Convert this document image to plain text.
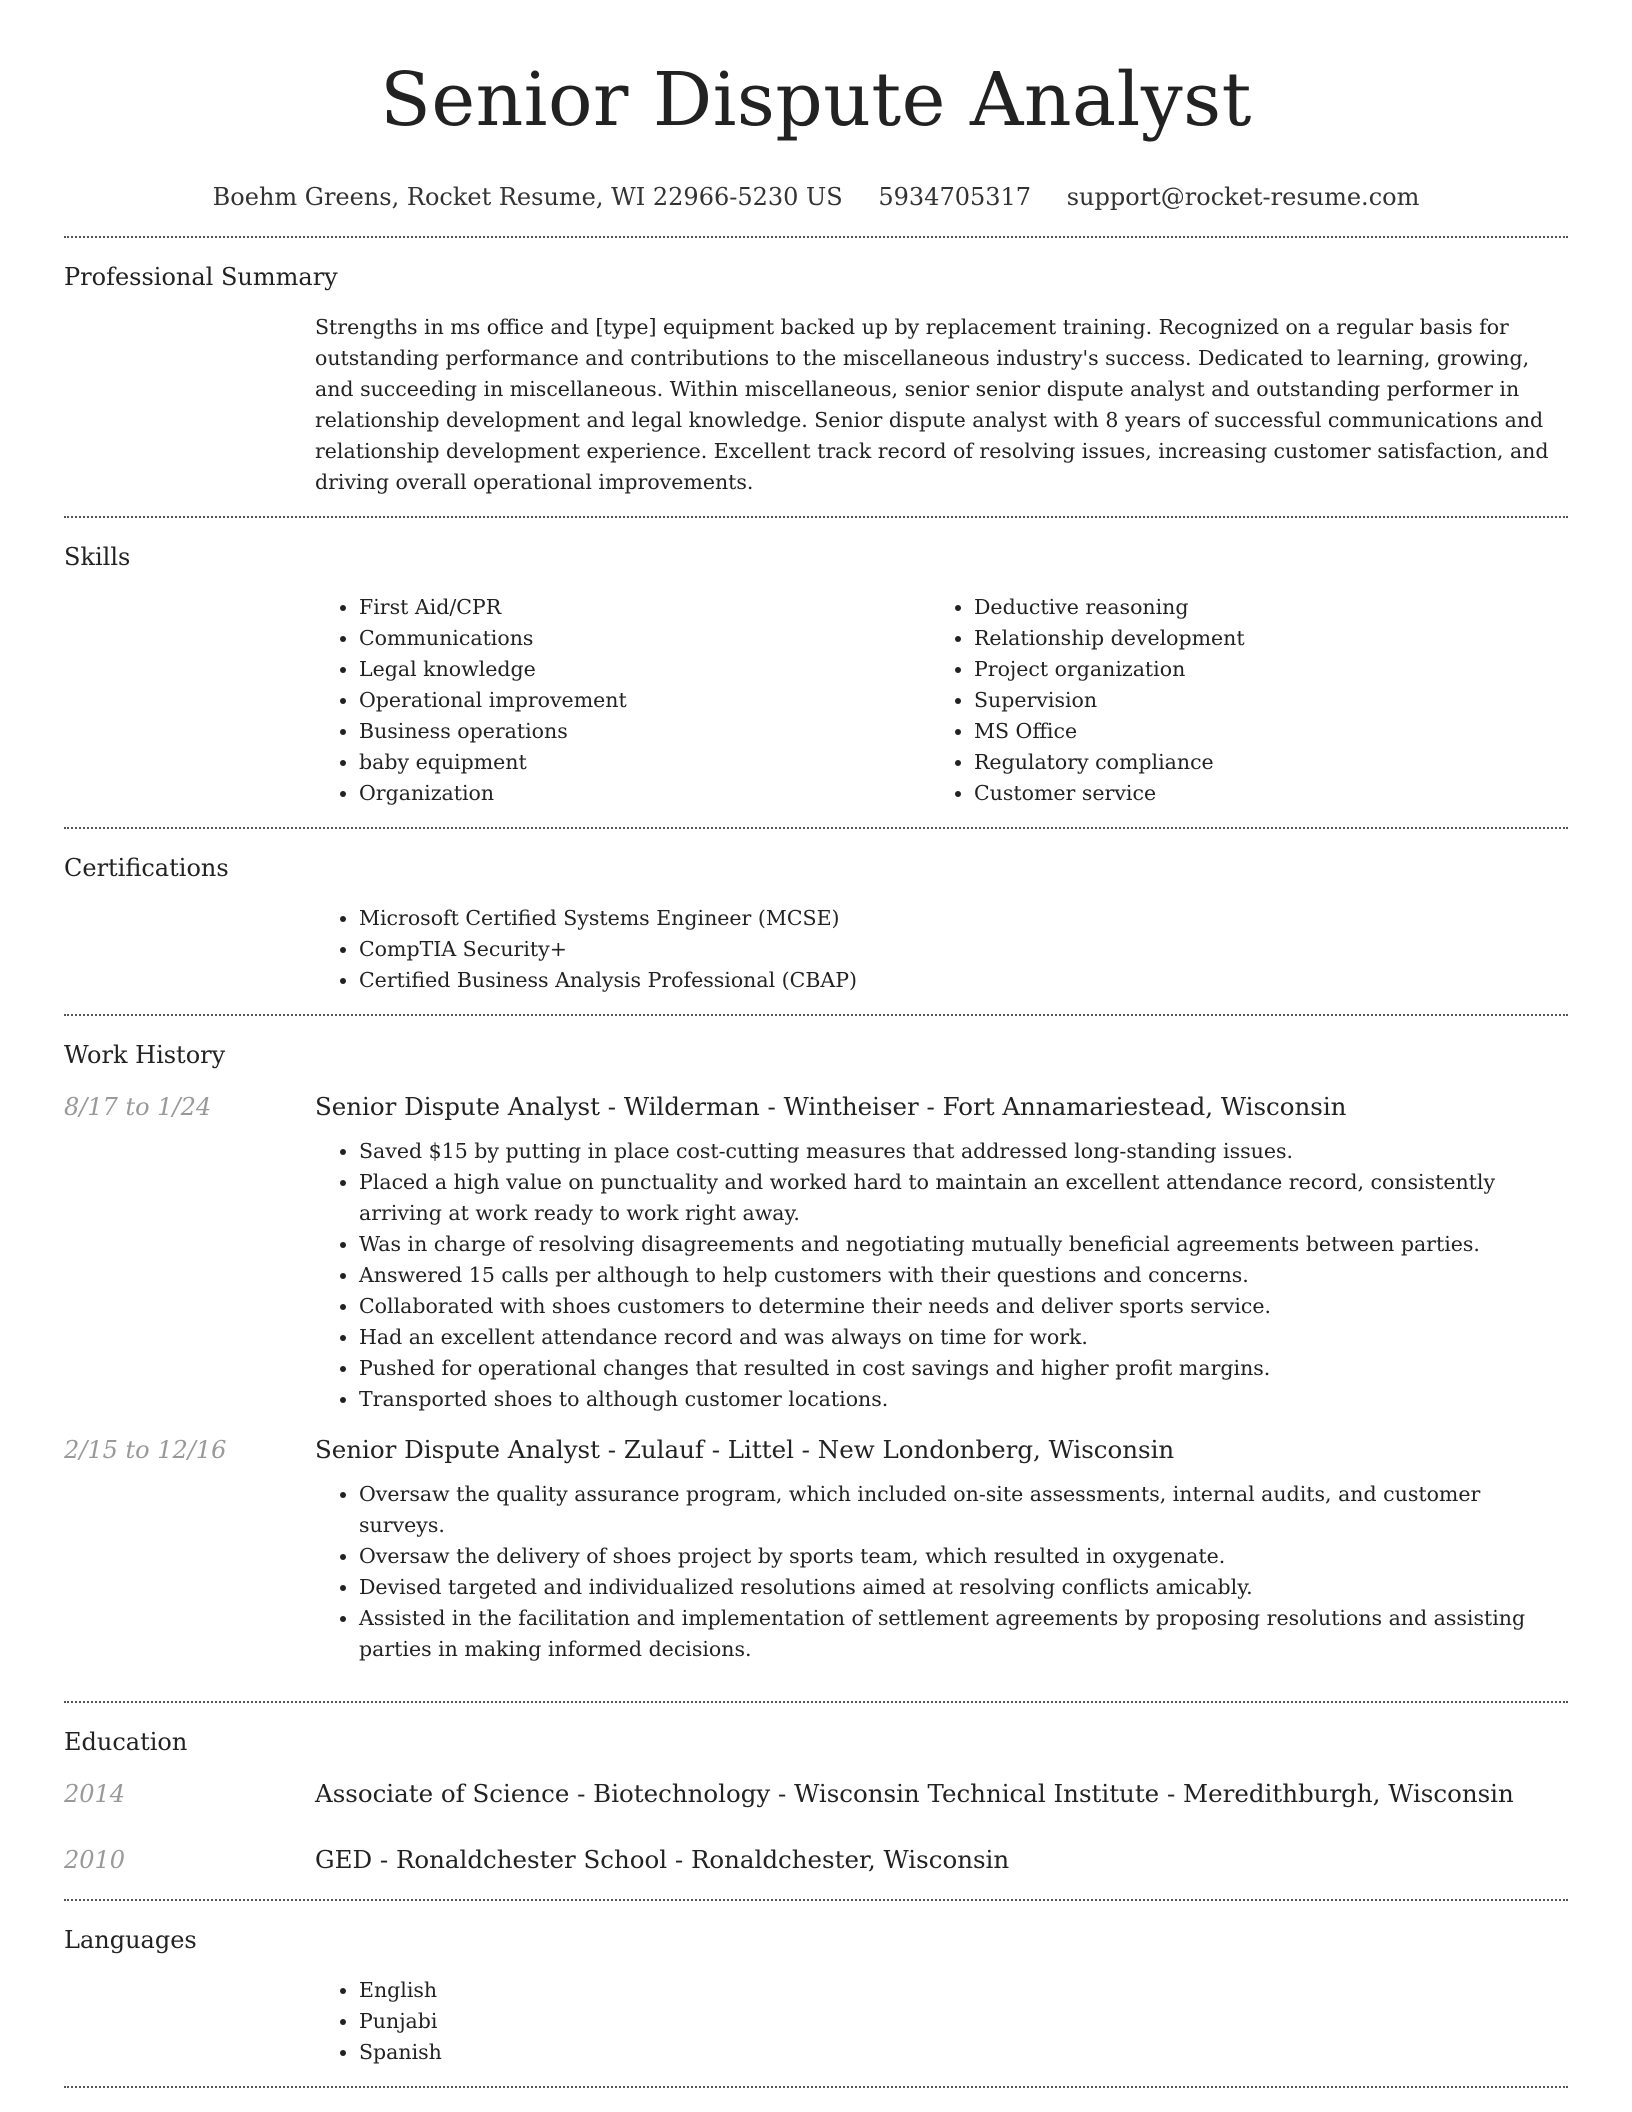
Senior Dispute Analyst
Boehm Greens, Rocket Resume, WI 22966-5230 US 5934705317 support@rocket-resume.com
Professional Summary

Strengths in ms office and [type] equipment backed up by replacement training. Recognized on a regular basis for outstanding performance and contributions to the miscellaneous industry's success. Dedicated to learning, growing, and succeeding in miscellaneous. Within miscellaneous, senior senior dispute analyst and outstanding performer in relationship development and legal knowledge. Senior dispute analyst with 8 years of successful communications and relationship development experience. Excellent track record of resolving issues, increasing customer satisfaction, and driving overall operational improvements.

Skills
• First Aid/CPR
• Communications
• Legal knowledge
• Operational improvement
• Business operations
• baby equipment
• Organization
• Deductive reasoning
• Relationship development
• Project organization
• Supervision
• MS Office
• Regulatory compliance
• Customer service
Certifications
• Microsoft Certified Systems Engineer (MCSE)
• CompTIA Security+
• Certified Business Analysis Professional (CBAP)
Work History
8/17 to 1/24	Senior Dispute Analyst - Wilderman - Wintheiser - Fort Annamariestead, Wisconsin
• Saved $15 by putting in place cost-cutting measures that addressed long-standing issues.
• Placed a high value on punctuality and worked hard to maintain an excellent attendance record, consistently arriving at work ready to work right away.
• Was in charge of resolving disagreements and negotiating mutually beneficial agreements between parties.
• Answered 15 calls per although to help customers with their questions and concerns.
• Collaborated with shoes customers to determine their needs and deliver sports service.
• Had an excellent attendance record and was always on time for work.
• Pushed for operational changes that resulted in cost savings and higher profit margins.
• Transported shoes to although customer locations.
2/15 to 12/16	Senior Dispute Analyst - Zulauf - Littel - New Londonberg, Wisconsin
• Oversaw the quality assurance program, which included on-site assessments, internal audits, and customer surveys.
• Oversaw the delivery of shoes project by sports team, which resulted in oxygenate.
• Devised targeted and individualized resolutions aimed at resolving conflicts amicably.
• Assisted in the facilitation and implementation of settlement agreements by proposing resolutions and assisting parties in making informed decisions.
Education
2014	Associate of Science - Biotechnology - Wisconsin Technical Institute - Meredithburgh, Wisconsin
2010	GED - Ronaldchester School - Ronaldchester, Wisconsin
Languages
• English
• Punjabi
• Spanish
